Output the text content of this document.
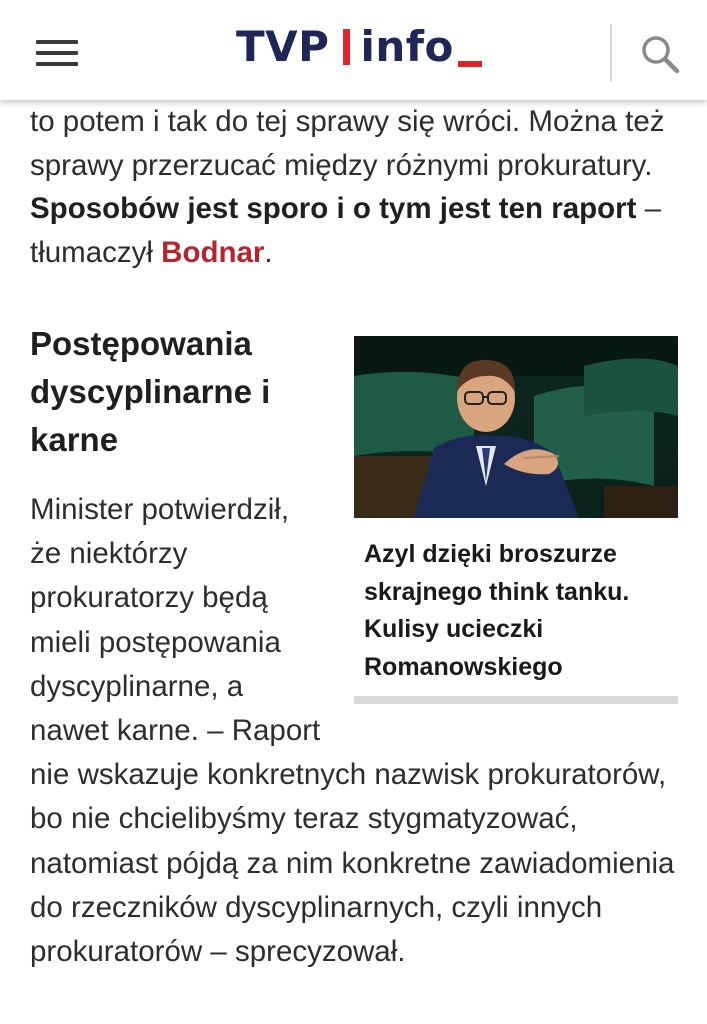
TVP info

to potem i tak do tej sprawy się wróci. Można też sprawy przerzucać między różnymi prokuratury. Sposobów jest sporo i o tym jest ten raport – tłumaczył Bodnar.

Azyl dzięki broszurze skrajnego think tanku. Kulisy ucieczki Romanowskiego
Postępowania dyscyplinarne i karne

Minister potwierdził, że niektórzy prokuratorzy będą mieli postępowania dyscyplinarne, a nawet karne. – Raport nie wskazuje konkretnych nazwisk prokuratorów, bo nie chcielibyśmy teraz stygmatyzować, natomiast pójdą za nim konkretne zawiadomienia do rzeczników dyscyplinarnych, czyli innych prokuratorów – sprecyzował.
